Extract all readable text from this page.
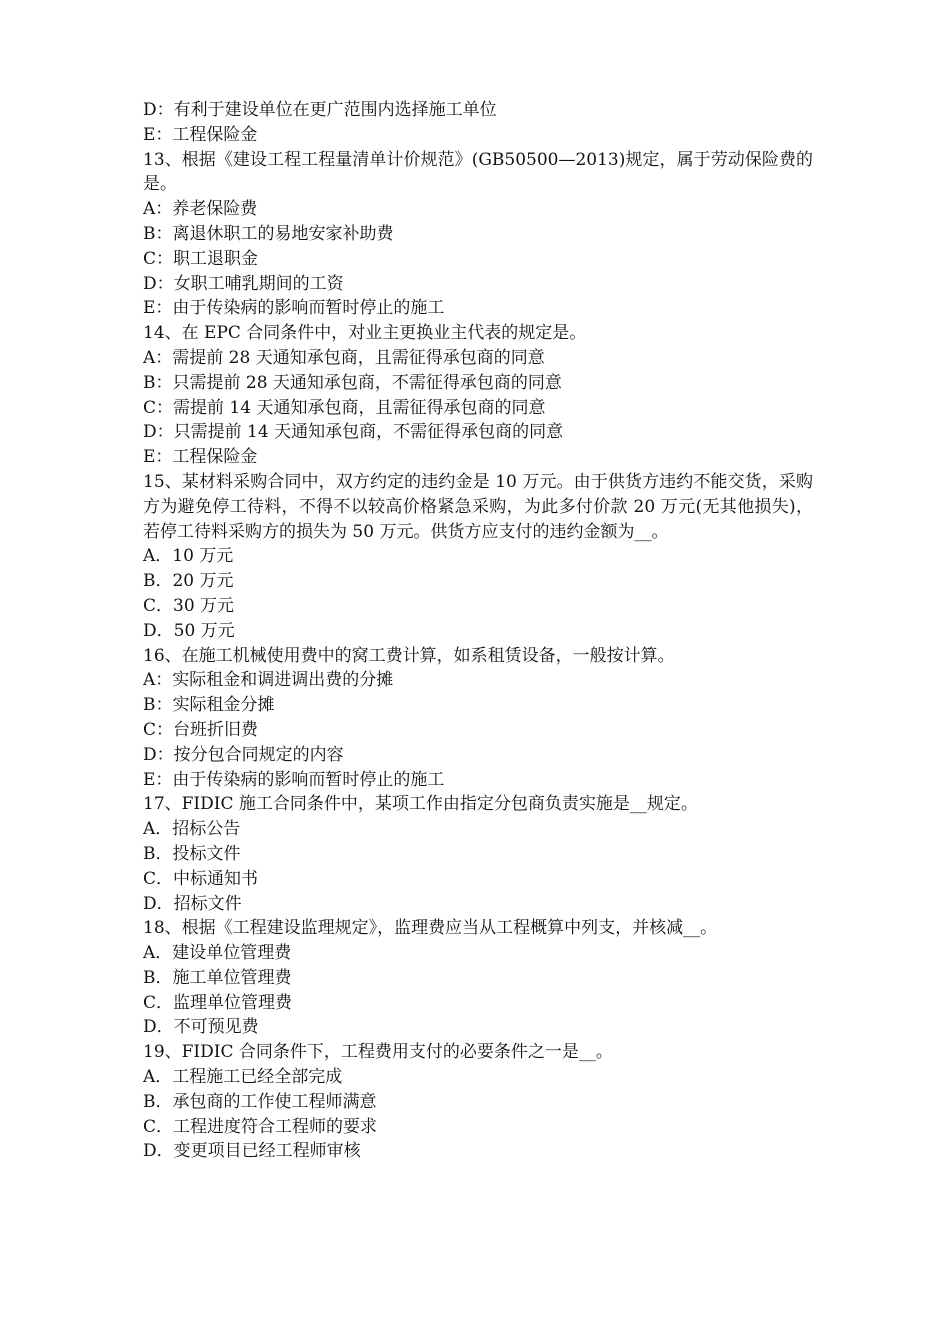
D：有利于建设单位在更广范围内选择施工单位

E：工程保险金

13、根据《建设工程工程量清单计价规范》(GB50500—2013)规定，属于劳动保险费的是。

A：养老保险费

B：离退休职工的易地安家补助费

C：职工退职金

D：女职工哺乳期间的工资

E：由于传染病的影响而暂时停止的施工

14、在 EPC 合同条件中，对业主更换业主代表的规定是。

A：需提前 28 天通知承包商，且需征得承包商的同意

B：只需提前 28 天通知承包商，不需征得承包商的同意

C：需提前 14 天通知承包商，且需征得承包商的同意

D：只需提前 14 天通知承包商，不需征得承包商的同意

E：工程保险金

15、某材料采购合同中，双方约定的违约金是 10 万元。由于供货方违约不能交货，采购方为避免停工待料，不得不以较高价格紧急采购，为此多付价款 20 万元(无其他损失)，若停工待料采购方的损失为 50 万元。供货方应支付的违约金额为__。

A．10 万元

B．20 万元

C．30 万元

D．50 万元

16、在施工机械使用费中的窝工费计算，如系租赁设备，一般按计算。

A：实际租金和调进调出费的分摊

B：实际租金分摊

C：台班折旧费

D：按分包合同规定的内容

E：由于传染病的影响而暂时停止的施工

17、FIDIC 施工合同条件中，某项工作由指定分包商负责实施是__规定。

A．招标公告

B．投标文件

C．中标通知书

D．招标文件

18、根据《工程建设监理规定》，监理费应当从工程概算中列支，并核减__。

A．建设单位管理费

B．施工单位管理费

C．监理单位管理费

D．不可预见费

19、FIDIC 合同条件下，工程费用支付的必要条件之一是__。

A．工程施工已经全部完成

B．承包商的工作使工程师满意

C．工程进度符合工程师的要求

D．变更项目已经工程师审核
